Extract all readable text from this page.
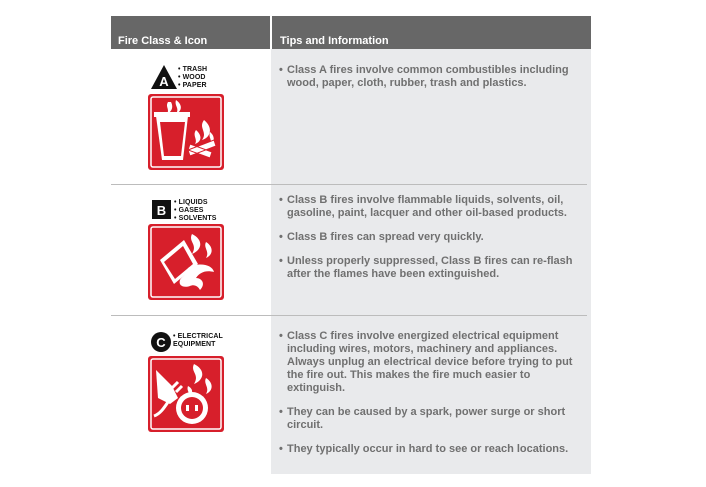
Fire Class & Icon	Tips and Information
A
• TRASH
• WOOD
• PAPER
• Class A fires involve common combustibles including wood, paper, cloth, rubber, trash and plastics.
B
• LIQUIDS
• GASES
• SOLVENTS
• Class B fires involve flammable liquids, solvents, oil, gasoline, paint, lacquer and other oil-based products.
• Class B fires can spread very quickly.
• Unless properly suppressed, Class B fires can re-flash after the flames have been extinguished.
C
•	ELECTRICAL EQUIPMENT
• Class C fires involve energized electrical equipment including wires, motors, machinery and appliances. Always unplug an electrical device before trying to put the fire out. This makes the fire much easier to extinguish.
• They can be caused by a spark, power surge or short circuit.
• They typically occur in hard to see or reach locations.
